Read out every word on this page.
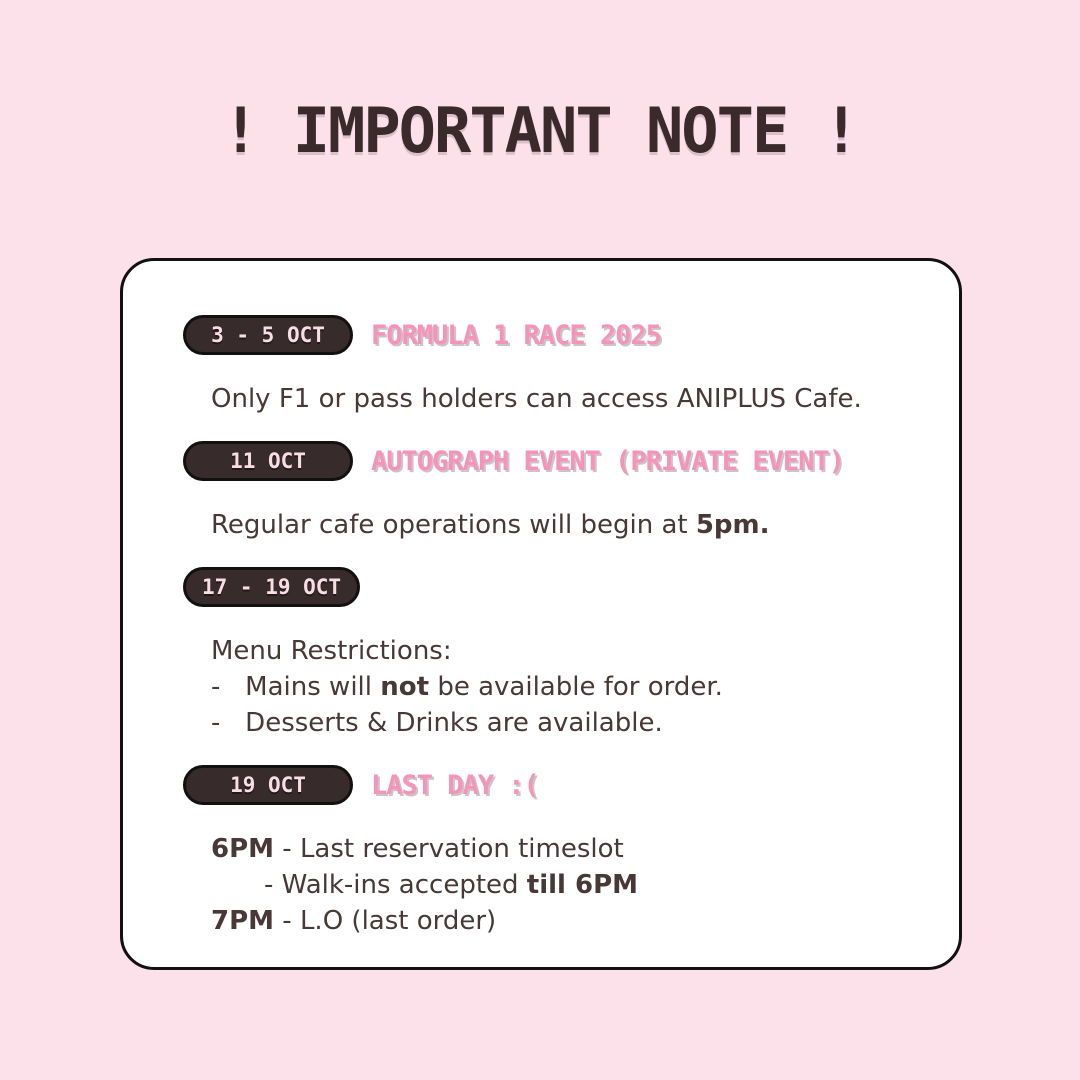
! IMPORTANT NOTE !
3 - 5 OCT FORMULA 1 RACE 2025

Only F1 or pass holders can access ANIPLUS Cafe.

11 OCT AUTOGRAPH EVENT (PRIVATE EVENT)

Regular cafe operations will begin at 5pm.

17 - 19 OCT

Menu Restrictions:

-   Mains will not be available for order.

-   Desserts & Drinks are available.

19 OCT LAST DAY :(

6PM - Last reservation timeslot

- Walk-ins accepted till 6PM

7PM - L.O (last order)
